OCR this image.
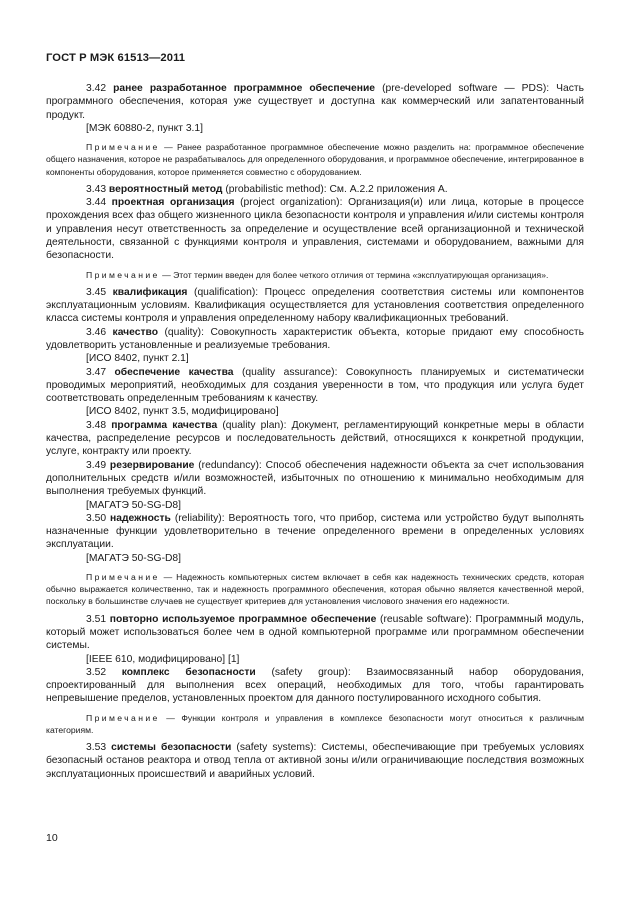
ГОСТ Р МЭК 61513—2011

3.42 ранее разработанное программное обеспечение (pre-developed software — PDS): Часть программного обеспечения, которая уже существует и доступна как коммерческий или запатентованный продукт.

[МЭК 60880-2, пункт 3.1]

Примечание — Ранее разработанное программное обеспечение можно разделить на: программное обеспечение общего назначения, которое не разрабатывалось для определенного оборудования, и программное обеспечение, интегрированное в компоненты оборудования, которое применяется совместно с оборудованием.

3.43 вероятностный метод (probabilistic method): См. А.2.2 приложения А.

3.44 проектная организация (project organization): Организация(и) или лица, которые в процессе прохождения всех фаз общего жизненного цикла безопасности контроля и управления и/или системы контроля и управления несут ответственность за определение и осуществление всей организационной и технической деятельности, связанной с функциями контроля и управления, системами и оборудованием, важными для безопасности.

Примечание — Этот термин введен для более четкого отличия от термина «эксплуатирующая организация».

3.45 квалификация (qualification): Процесс определения соответствия системы или компонентов эксплуатационным условиям. Квалификация осуществляется для установления соответствия определенного класса системы контроля и управления определенному набору квалификационных требований.

3.46 качество (quality): Совокупность характеристик объекта, которые придают ему способность удовлетворить установленные и реализуемые требования.

[ИСО 8402, пункт 2.1]

3.47 обеспечение качества (quality assurance): Совокупность планируемых и систематически проводимых мероприятий, необходимых для создания уверенности в том, что продукция или услуга будет соответствовать определенным требованиям к качеству.

[ИСО 8402, пункт 3.5, модифицировано]

3.48 программа качества (quality plan): Документ, регламентирующий конкретные меры в области качества, распределение ресурсов и последовательность действий, относящихся к конкретной продукции, услуге, контракту или проекту.

3.49 резервирование (redundancy): Способ обеспечения надежности объекта за счет использования дополнительных средств и/или возможностей, избыточных по отношению к минимально необходимым для выполнения требуемых функций.

[МАГАТЭ 50-SG-D8]

3.50 надежность (reliability): Вероятность того, что прибор, система или устройство будут выполнять назначенные функции удовлетворительно в течение определенного времени в определенных условиях эксплуатации.

[МАГАТЭ 50-SG-D8]

Примечание — Надежность компьютерных систем включает в себя как надежность технических средств, которая обычно выражается количественно, так и надежность программного обеспечения, которая обычно является качественной мерой, поскольку в большинстве случаев не существует критериев для установления числового значения его надежности.

3.51 повторно используемое программное обеспечение (reusable software): Программный модуль, который может использоваться более чем в одной компьютерной программе или программном обеспечении системы.

[IEEE 610, модифицировано] [1]

3.52 комплекс безопасности (safety group): Взаимосвязанный набор оборудования, спроектированный для выполнения всех операций, необходимых для того, чтобы гарантировать непревышение пределов, установленных проектом для данного постулированного исходного события.

Примечание — Функции контроля и управления в комплексе безопасности могут относиться к различным категориям.

3.53 системы безопасности (safety systems): Системы, обеспечивающие при требуемых условиях безопасный останов реактора и отвод тепла от активной зоны и/или ограничивающие последствия возможных эксплуатационных происшествий и аварийных условий.

10
